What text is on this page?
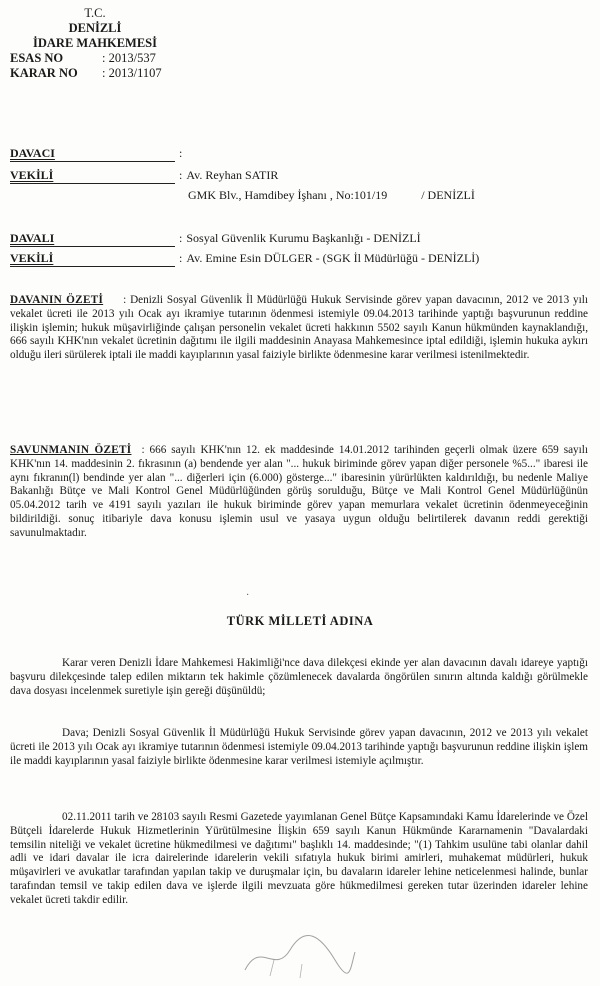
T.C.
DENİZLİ
İDARE MAHKEMESİ
ESAS NO	: 2013/537
KARAR NO	: 2013/1107
DAVACI	:
VEKİLİ	: Av. Reyhan SATIR
GMK Blv., Hamdibey İşhanı , No:101/19	/ DENİZLİ
DAVALI	: Sosyal Güvenlik Kurumu Başkanlığı - DENİZLİ
VEKİLİ	: Av. Emine Esin DÜLGER - (SGK İl Müdürlüğü - DENİZLİ)
DAVANIN ÖZETİ : Denizli Sosyal Güvenlik İl Müdürlüğü Hukuk Servisinde görev yapan davacının, 2012 ve 2013 yılı vekalet ücreti ile 2013 yılı Ocak ayı ikramiye tutarının ödenmesi istemiyle 09.04.2013 tarihinde yaptığı başvurunun reddine ilişkin işlemin; hukuk müşavirliğinde çalışan personelin vekalet ücreti hakkının 5502 sayılı Kanun hükmünden kaynaklandığı, 666 sayılı KHK'nın vekalet ücretinin dağıtımı ile ilgili maddesinin Anayasa Mahkemesince iptal edildiği, işlemin hukuka aykırı olduğu ileri sürülerek iptali ile maddi kayıplarının yasal faiziyle birlikte ödenmesine karar verilmesi istenilmektedir.
SAVUNMANIN ÖZETİ : 666 sayılı KHK'nın 12. ek maddesinde 14.01.2012 tarihinden geçerli olmak üzere 659 sayılı KHK'nın 14. maddesinin 2. fıkrasının (a) bendende yer alan "... hukuk biriminde görev yapan diğer personele %5..." ibaresi ile aynı fıkranın(l) bendinde yer alan "... diğerleri için (6.000) gösterge..." ibaresinin yürürlükten kaldırıldığı, bu nedenle Maliye Bakanlığı Bütçe ve Mali Kontrol Genel Müdürlüğünden görüş sorulduğu, Bütçe ve Mali Kontrol Genel Müdürlüğünün 05.04.2012 tarih ve 4191 sayılı yazıları ile hukuk biriminde görev yapan memurlara vekalet ücretinin ödenmeyeceğinin bildirildiği. sonuç itibariyle dava konusu işlemin usul ve yasaya uygun olduğu belirtilerek davanın reddi gerektiği savunulmaktadır.
TÜRK MİLLETİ ADINA
Karar veren Denizli İdare Mahkemesi Hakimliği'nce dava dilekçesi ekinde yer alan davacının davalı idareye yaptığı başvuru dilekçesinde talep edilen miktarın tek hakimle çözümlenecek davalarda öngörülen sınırın altında kaldığı görülmekle dava dosyası incelenmek suretiyle işin gereği düşünüldü;
Dava; Denizli Sosyal Güvenlik İl Müdürlüğü Hukuk Servisinde görev yapan davacının, 2012 ve 2013 yılı vekalet ücreti ile 2013 yılı Ocak ayı ikramiye tutarının ödenmesi istemiyle 09.04.2013 tarihinde yaptığı başvurunun reddine ilişkin işlem ile maddi kayıplarının yasal faiziyle birlikte ödenmesine karar verilmesi istemiyle açılmıştır.
02.11.2011 tarih ve 28103 sayılı Resmi Gazetede yayımlanan Genel Bütçe Kapsamındaki Kamu İdarelerinde ve Özel Bütçeli İdarelerde Hukuk Hizmetlerinin Yürütülmesine İlişkin 659 sayılı Kanun Hükmünde Kararnamenin "Davalardaki temsilin niteliği ve vekalet ücretine hükmedilmesi ve dağıtımı" başlıklı 14. maddesinde; "(1) Tahkim usulüne tabi olanlar dahil adli ve idari davalar ile icra dairelerinde idarelerin vekili sıfatıyla hukuk birimi amirleri, muhakemat müdürleri, hukuk müşavirleri ve avukatlar tarafından yapılan takip ve duruşmalar için, bu davaların idareler lehine neticelenmesi halinde, bunlar tarafından temsil ve takip edilen dava ve işlerde ilgili mevzuata göre hükmedilmesi gereken tutar üzerinden idareler lehine vekalet ücreti takdir edilir.
·
